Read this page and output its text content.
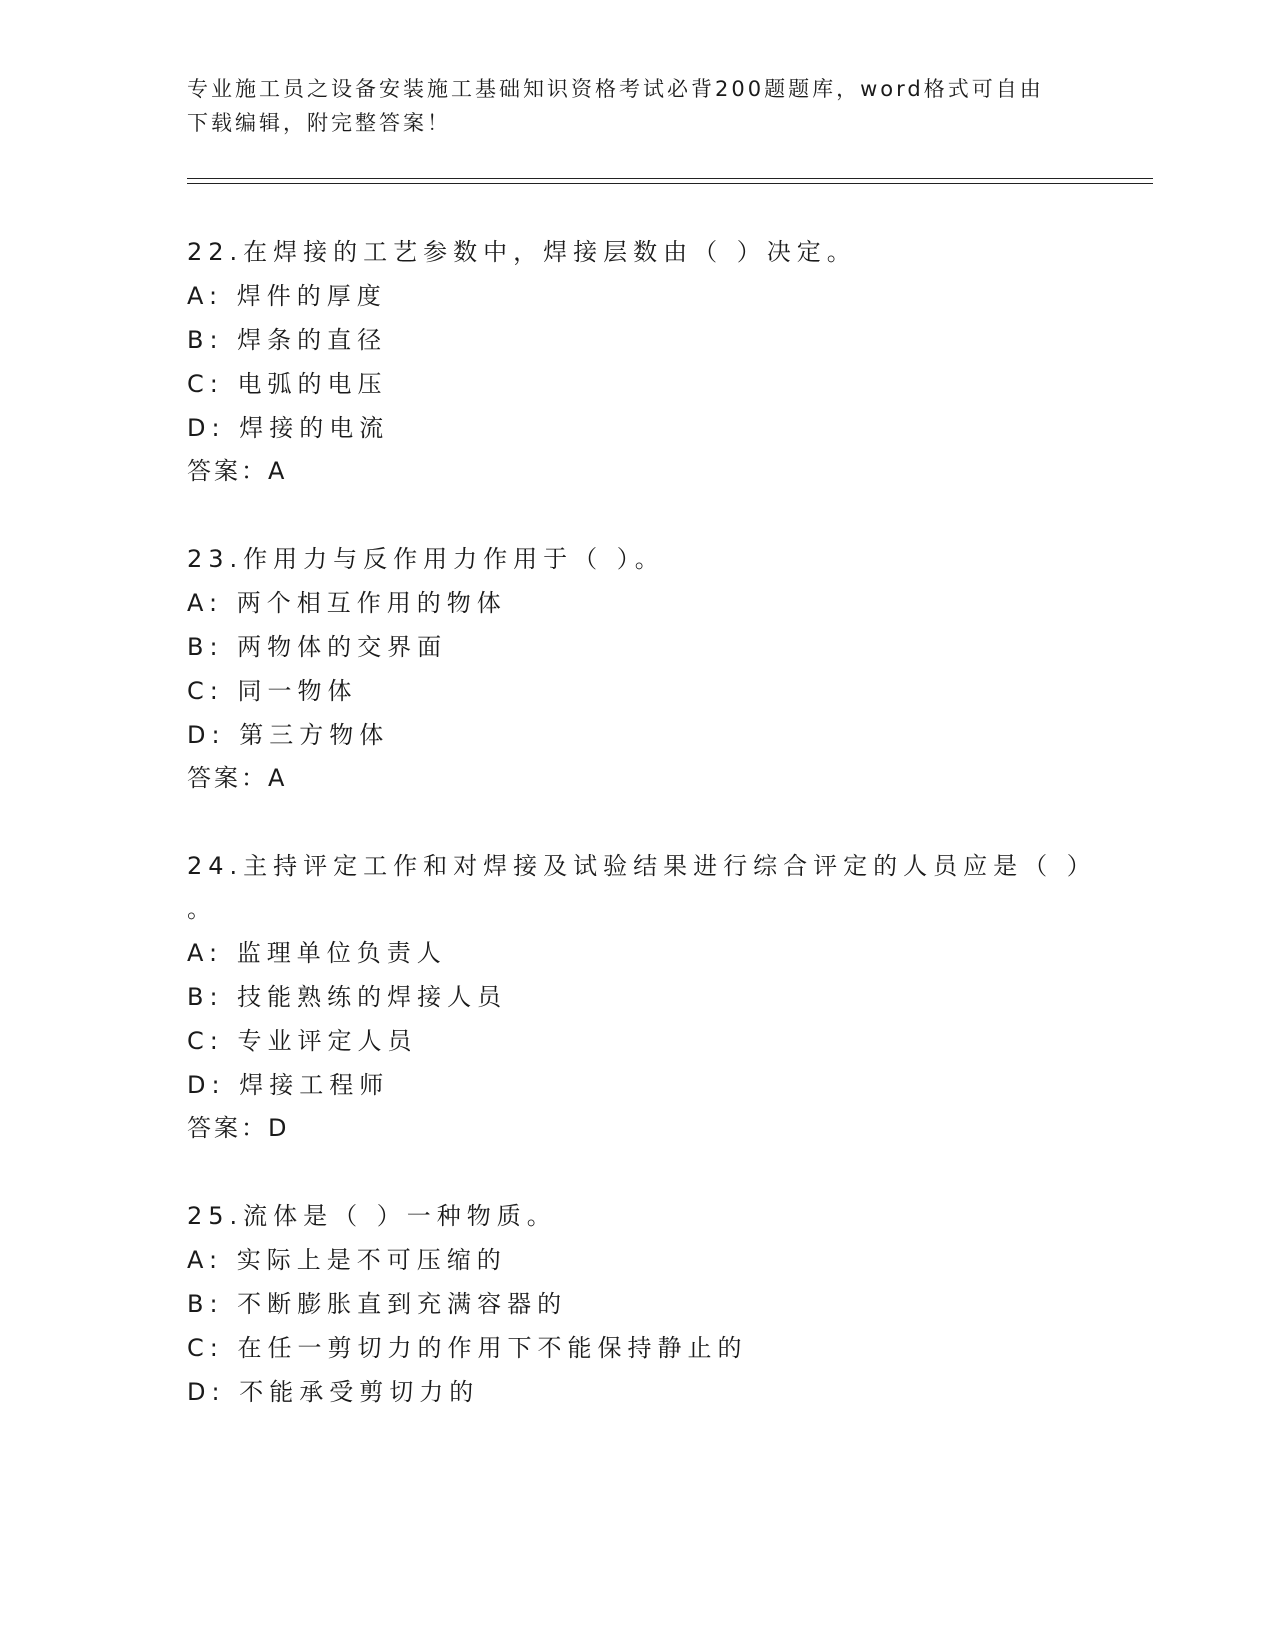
专业施工员之设备安装施工基础知识资格考试必背200题题库，word格式可自由
下载编辑，附完整答案！
22.在焊接的工艺参数中，焊接层数由（ ）决定。
A: 焊件的厚度
B: 焊条的直径
C: 电弧的电压
D: 焊接的电流
答案：A
23.作用力与反作用力作用于（ ）。
A: 两个相互作用的物体
B: 两物体的交界面
C: 同一物体
D: 第三方物体
答案：A
24.主持评定工作和对焊接及试验结果进行综合评定的人员应是（ ）
。
A: 监理单位负责人
B: 技能熟练的焊接人员
C: 专业评定人员
D: 焊接工程师
答案：D
25.流体是（ ）一种物质。
A: 实际上是不可压缩的
B: 不断膨胀直到充满容器的
C: 在任一剪切力的作用下不能保持静止的
D: 不能承受剪切力的
